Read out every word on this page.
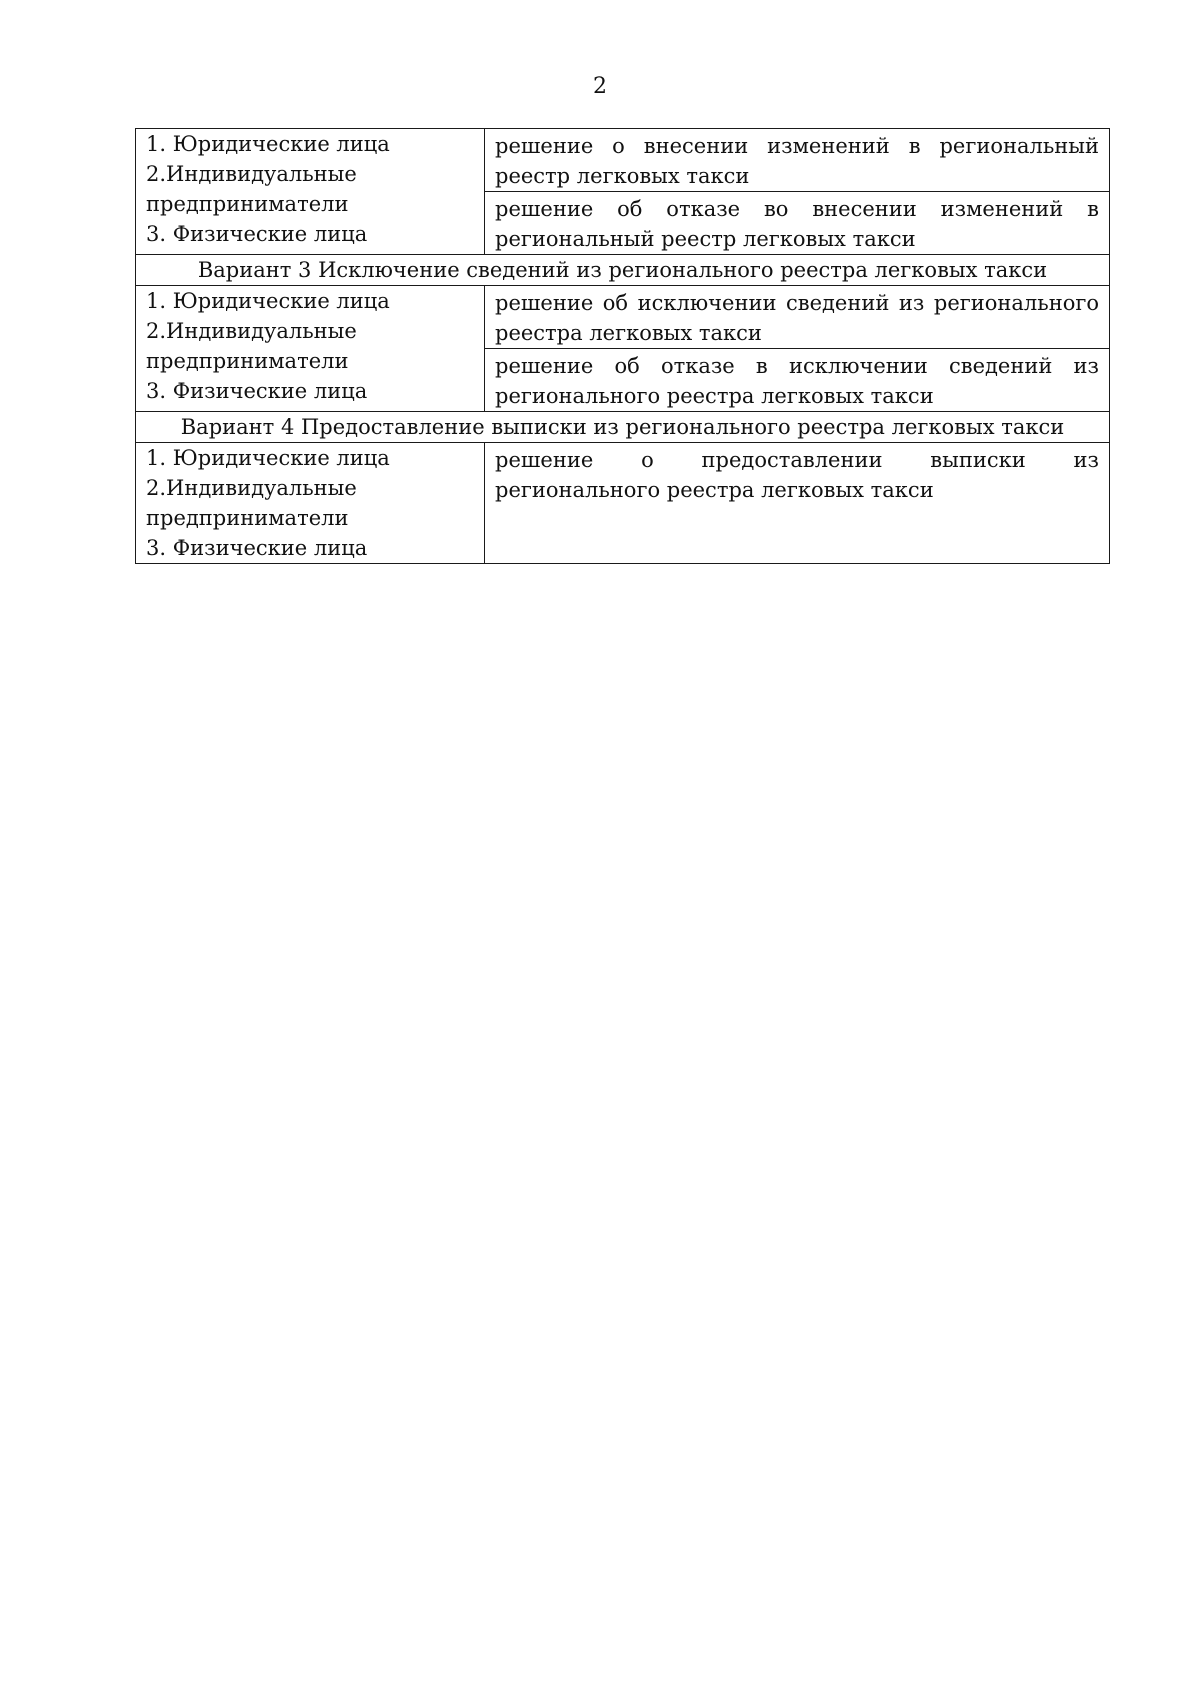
2
1. Юридические лица
2.Индивидуальные
предприниматели
3. Физические лица	решение о внесении изменений в региональный реестр легковых такси

	решение об отказе во внесении изменений в региональный реестр легковых такси

Вариант 3 Исключение сведений из регионального реестра легковых такси	

1. Юридические лица
2.Индивидуальные
предприниматели
3. Физические лица	решение об исключении сведений из регионального реестра легковых такси

	решение об отказе в исключении сведений из регионального реестра легковых такси

Вариант 4 Предоставление выписки из регионального реестра легковых такси	

1. Юридические лица
2.Индивидуальные
предприниматели
3. Физические лица	решение о предоставлении выписки из регионального реестра легковых такси
